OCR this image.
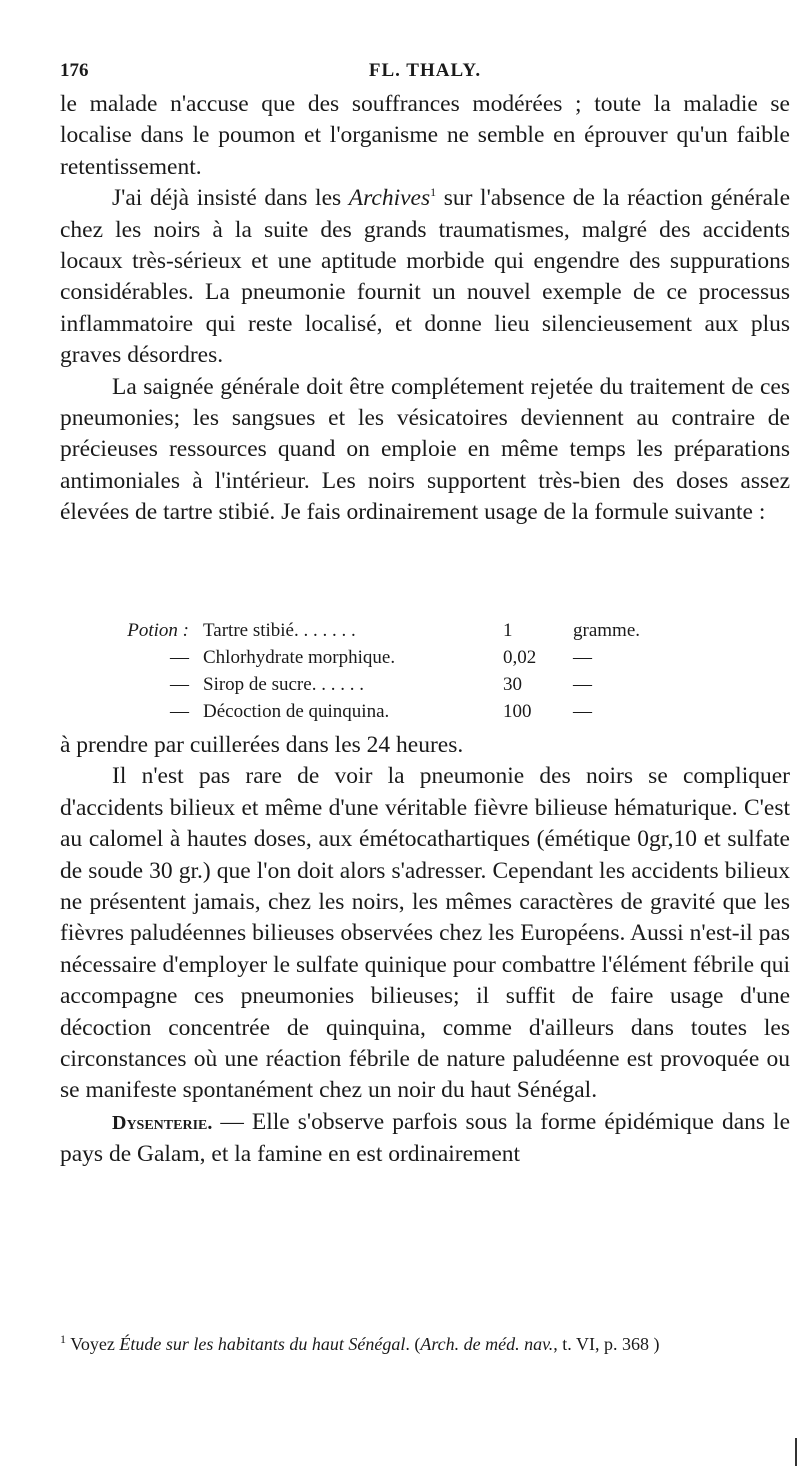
176	FL. THALY.

le malade n'accuse que des souffrances modérées ; toute la maladie se localise dans le poumon et l'organisme ne semble en éprouver qu'un faible retentissement.

J'ai déjà insisté dans les Archives$^1$ sur l'absence de la réaction générale chez les noirs à la suite des grands traumatismes, malgré des accidents locaux très-sérieux et une aptitude morbide qui engendre des suppurations considérables. La pneumonie fournit un nouvel exemple de ce processus inflammatoire qui reste localisé, et donne lieu silencieusement aux plus graves désordres.

La saignée générale doit être complétement rejetée du traitement de ces pneumonies; les sangsues et les vésicatoires deviennent au contraire de précieuses ressources quand on emploie en même temps les préparations antimoniales à l'intérieur. Les noirs supportent très-bien des doses assez élevées de tartre stibié. Je fais ordinairement usage de la formule suivante :

Potion : Tartre stibié. . . . . . .	1	gramme.
— Chlorhydrate morphique.	0,02	—
— Sirop de sucre. . . . . .	30	—
— Décoction de quinquina.	100	—

à prendre par cuillerées dans les 24 heures.

Il n'est pas rare de voir la pneumonie des noirs se compliquer d'accidents bilieux et même d'une véritable fièvre bilieuse hématurique. C'est au calomel à hautes doses, aux émétocathartiques (émétique 0gr,10 et sulfate de soude 30 gr.) que l'on doit alors s'adresser. Cependant les accidents bilieux ne présentent jamais, chez les noirs, les mêmes caractères de gravité que les fièvres paludéennes bilieuses observées chez les Européens. Aussi n'est-il pas nécessaire d'employer le sulfate quinique pour combattre l'élément fébrile qui accompagne ces pneumonies bilieuses; il suffit de faire usage d'une décoction concentrée de quinquina, comme d'ailleurs dans toutes les circonstances où une réaction fébrile de nature paludéenne est provoquée ou se manifeste spontanément chez un noir du haut Sénégal.

Dysenterie. — Elle s'observe parfois sous la forme épidémique dans le pays de Galam, et la famine en est ordinairement

$^1$ Voyez Étude sur les habitants du haut Sénégal. (Arch. de méd. nav., t. VI, p. 368 )
